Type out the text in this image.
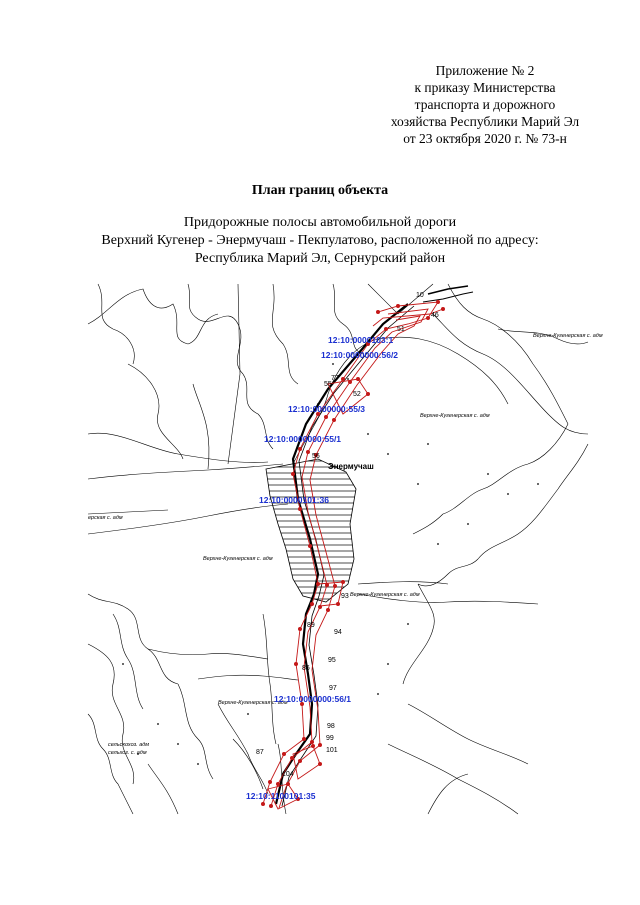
Приложение № 2
к приказу Министерства
транспорта и дорожного
хозяйства Республики Марий Эл
от 23 октября 2020 г. № 73-н
План границ объекта
Придорожные полосы автомобильной дороги
Верхний Кугенер - Энермучаш - Пекпулатово, расположенной по адресу:
Республика Марий Эл, Сернурский район
46
51
52
56
77
89
86
95
97
98
99
104
94
93
10
55
101
87
Верхне-Кугенерская с. адм
Верхне-Кугенерская с. адм
Верхне-Кугенерская с. адм
Верхне-Кугенерская с. адм
Верхне-Кугенерская с. адм
ерская с. адм
сельскохоз. адм
сельхоз. с. адм
Энермучаш
12:10:0000103:1
12:10:0000000:56/2
12:10:0000000:55/3
12:10:0000000:55/1
12:10:0000101:36
12:10:0000000:56/1
12:10:1100101:35
